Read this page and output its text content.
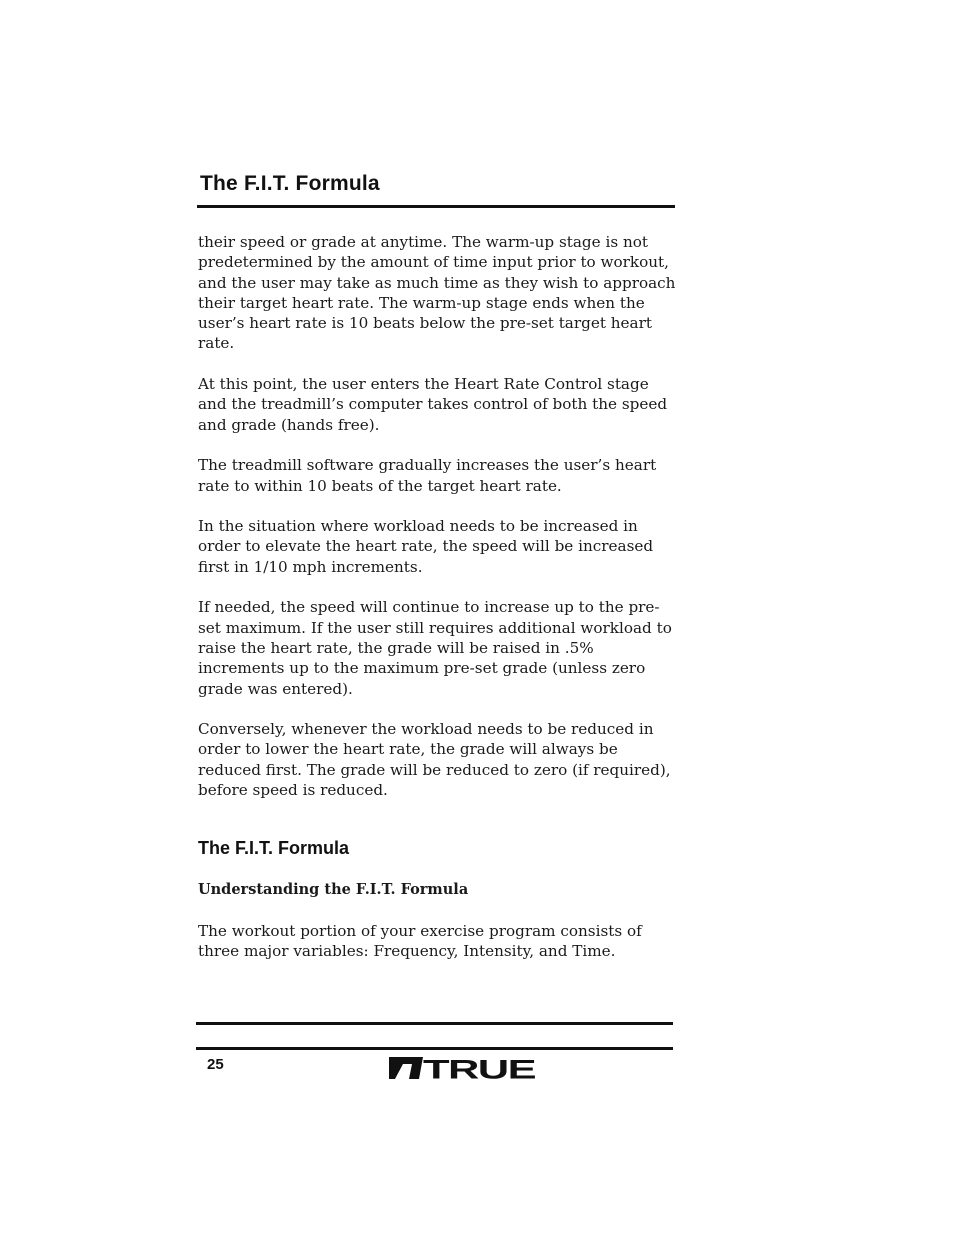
The F.I.T. Formula

their speed or grade at anytime. The warm-up stage is not predetermined by the amount of time input prior to workout, and the user may take as much time as they wish to approach their target heart rate. The warm-up stage ends when the user’s heart rate is 10 beats below the pre-set target heart rate.

At this point, the user enters the Heart Rate Control stage and the treadmill’s computer takes control of both the speed and grade (hands free).

The treadmill software gradually increases the user’s heart rate to within 10 beats of the target heart rate.

In the situation where workload needs to be increased in order to elevate the heart rate, the speed will be increased first in 1/10 mph increments.

If needed, the speed will continue to increase up to the pre-set maximum. If the user still requires additional workload to raise the heart rate, the grade will be raised in .5% increments up to the maximum pre-set grade (unless zero grade was entered).

Conversely, whenever the workload needs to be reduced in order to lower the heart rate, the grade will always be reduced first. The grade will be reduced to zero (if required), before speed is reduced.

The F.I.T. Formula
Understanding the F.I.T. Formula

The workout portion of your exercise program consists of three major variables: Frequency, Intensity, and Time.

25	TRUE
